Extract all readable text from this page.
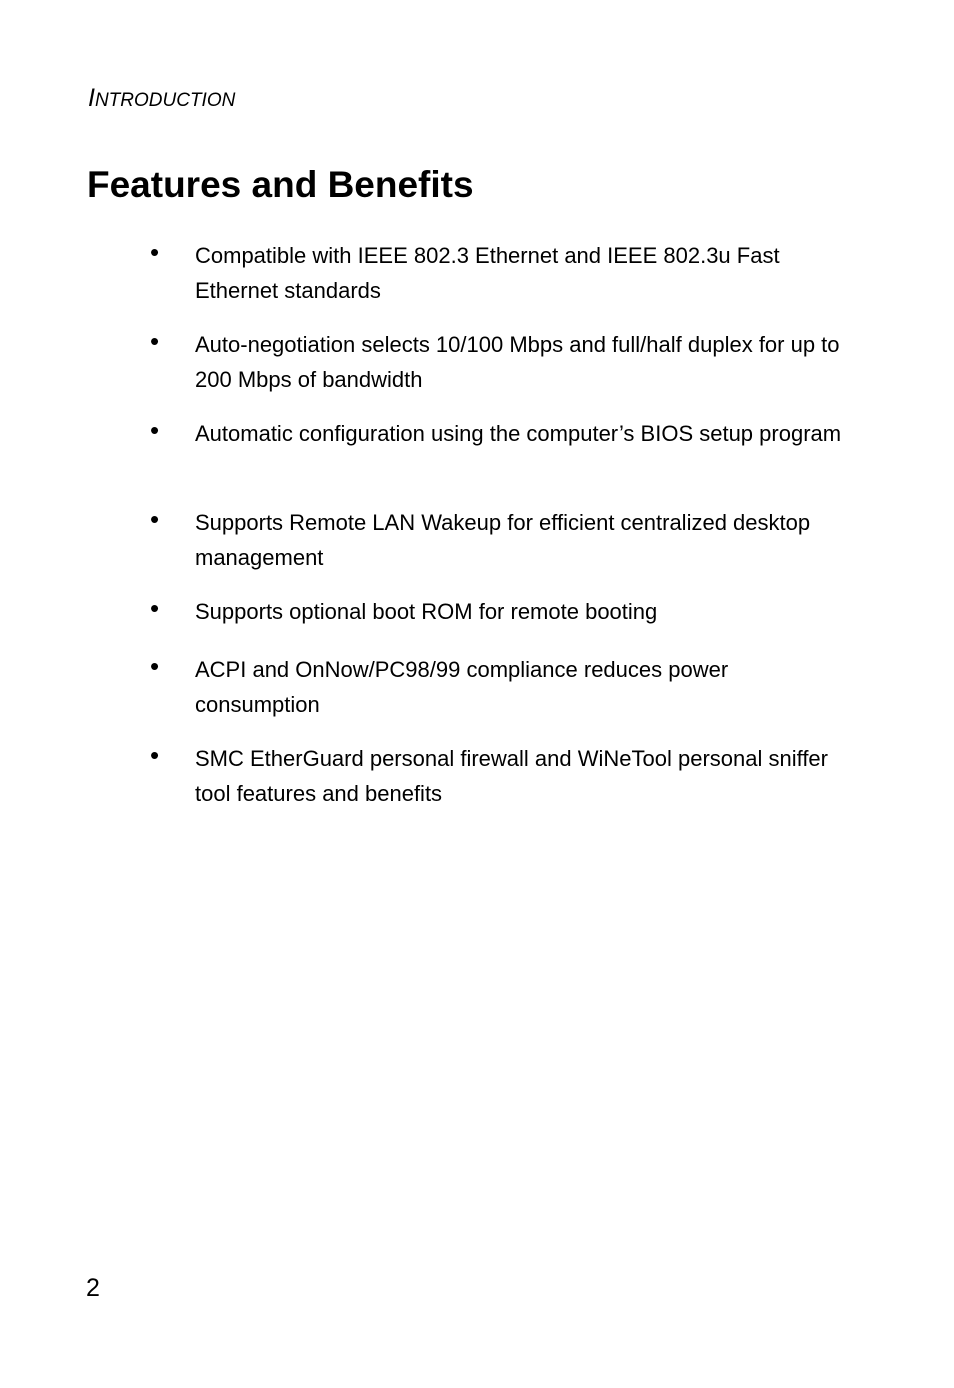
INTRODUCTION
Features and Benefits
• Compatible with IEEE 802.3 Ethernet and IEEE 802.3u Fast Ethernet standards
• Auto-negotiation selects 10/100 Mbps and full/half duplex for up to 200 Mbps of bandwidth
• Automatic configuration using the computer’s BIOS setup program
• Supports Remote LAN Wakeup for efficient centralized desktop management
• Supports optional boot ROM for remote booting
• ACPI and OnNow/PC98/99 compliance reduces power consumption
• SMC EtherGuard personal firewall and WiNeTool personal sniffer tool features and benefits
2
